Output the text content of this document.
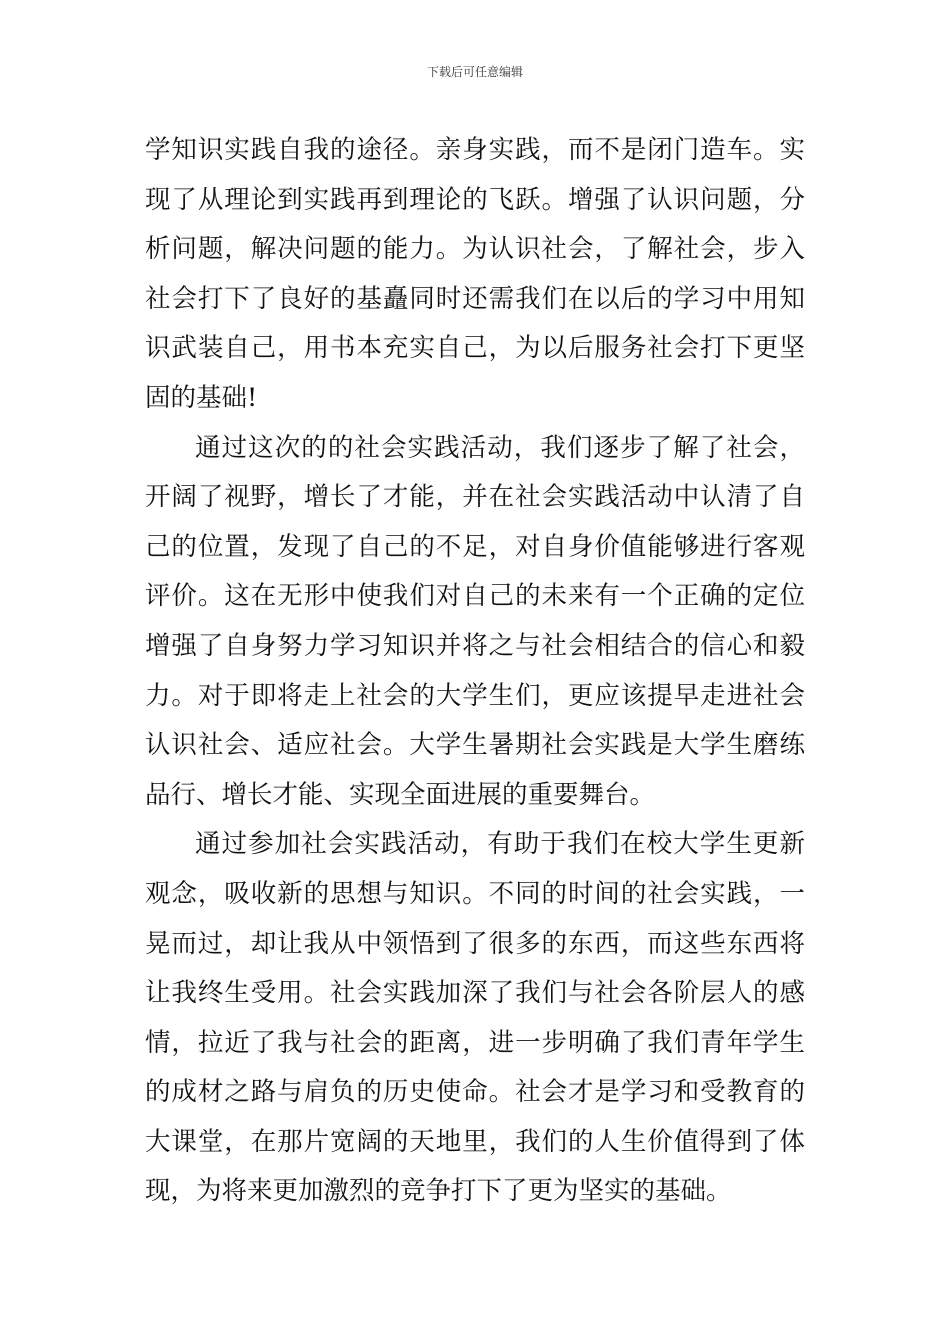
下载后可任意编辑
学知识实践自我的途径。亲身实践，而不是闭门造车。实
现了从理论到实践再到理论的飞跃。增强了认识问题，分
析问题，解决问题的能力。为认识社会，了解社会，步入
社会打下了良好的基矗同时还需我们在以后的学习中用知
识武装自己，用书本充实自己，为以后服务社会打下更坚
固的基础!
通过这次的的社会实践活动，我们逐步了解了社会，
开阔了视野，增长了才能，并在社会实践活动中认清了自
己的位置，发现了自己的不足，对自身价值能够进行客观
评价。这在无形中使我们对自己的未来有一个正确的定位
增强了自身努力学习知识并将之与社会相结合的信心和毅
力。对于即将走上社会的大学生们，更应该提早走进社会
认识社会、适应社会。大学生暑期社会实践是大学生磨练
品行、增长才能、实现全面进展的重要舞台。
通过参加社会实践活动，有助于我们在校大学生更新
观念，吸收新的思想与知识。不同的时间的社会实践，一
晃而过，却让我从中领悟到了很多的东西，而这些东西将
让我终生受用。社会实践加深了我们与社会各阶层人的感
情，拉近了我与社会的距离，进一步明确了我们青年学生
的成材之路与肩负的历史使命。社会才是学习和受教育的
大课堂，在那片宽阔的天地里，我们的人生价值得到了体
现，为将来更加激烈的竞争打下了更为坚实的基础。
